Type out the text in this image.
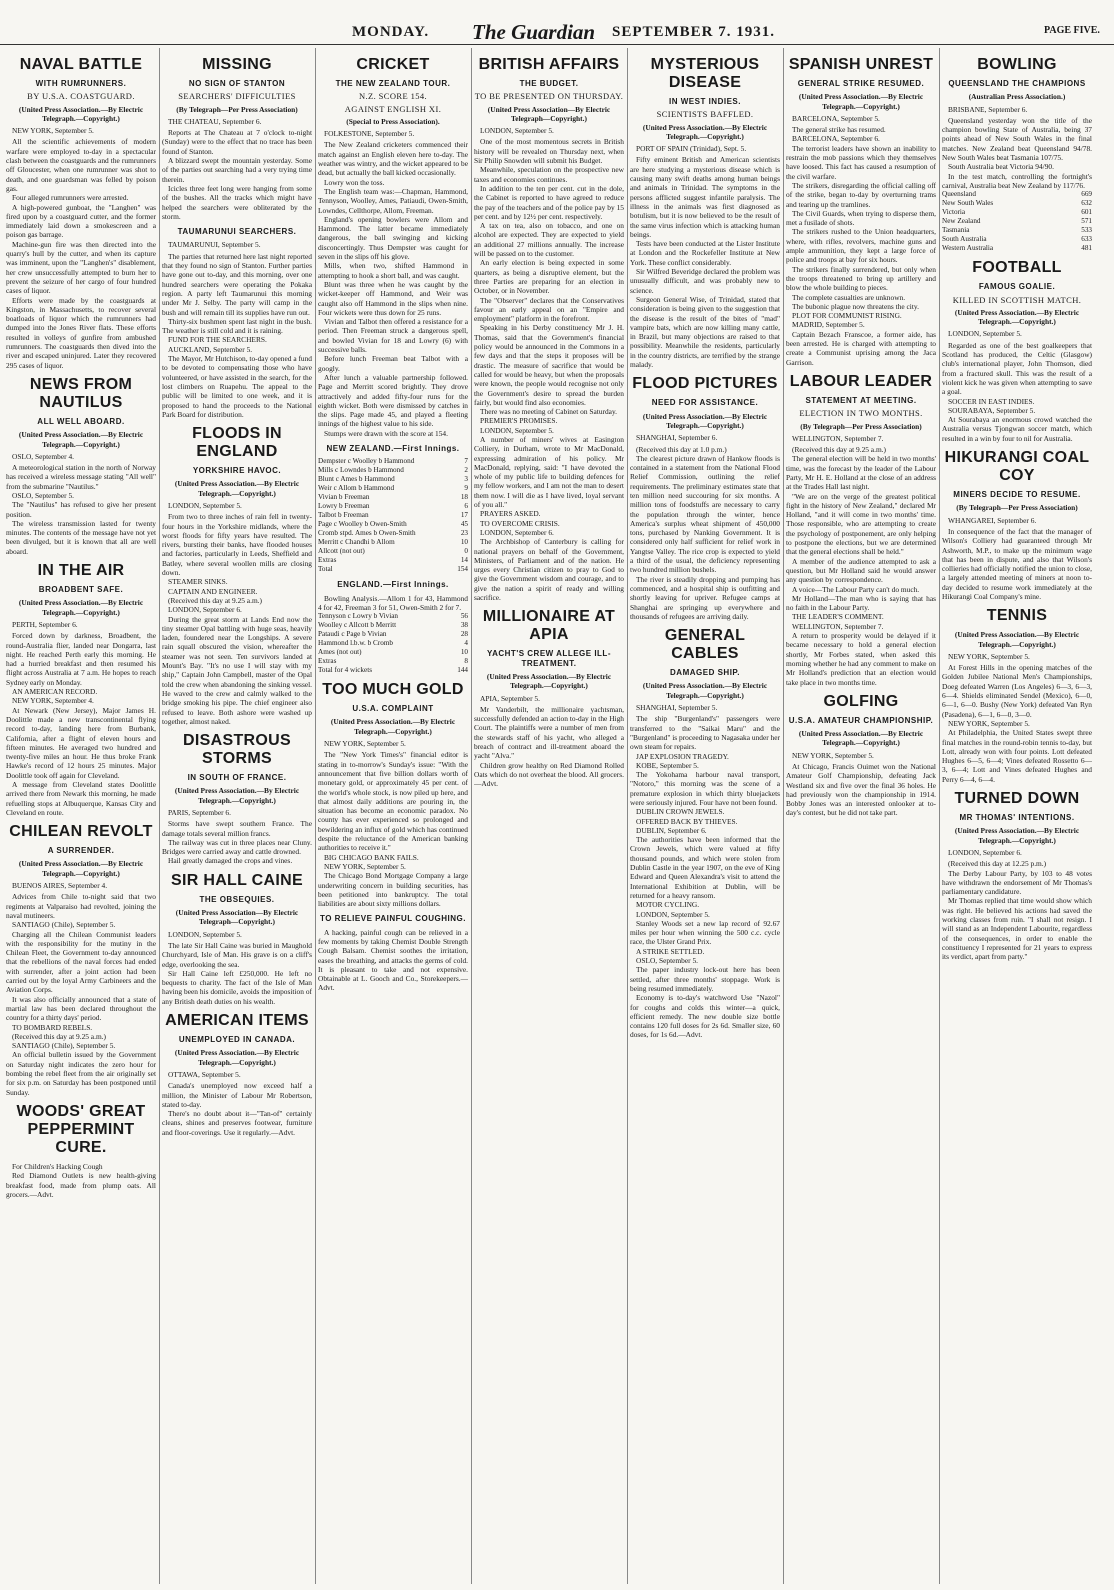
MONDAY. The Guardian SEPTEMBER 7. 1931.	PAGE FIVE.
NAVAL BATTLE
WITH RUMRUNNERS.
BY U.S.A. COASTGUARD.
(United Press Association.—By Electric Telegraph.—Copyright.)
NEW YORK, September 5.

All the scientific achievements of modern warfare were employed to-day in a spectacular clash between the coastguards and the rumrunners off Gloucester, when one rumrunner was shot to death, and one guardsman was felled by poison gas.

Four alleged rumrunners were arrested.

A high-powered gunboat, the "Langhen" was fired upon by a coastguard cutter, and the former immediately laid down a smokescreen and a poison gas barrage.

Machine-gun fire was then directed into the quarry's hull by the cutter, and when its capture was imminent, upon the "Langhen's" disablement, her crew unsuccessfully attempted to burn her to prevent the seizure of her cargo of four hundred cases of liquor.

Efforts were made by the coastguards at Kingston, in Massachusetts, to recover several boatloads of liquor which the rumrunners had dumped into the Jones River flats. These efforts resulted in volleys of gunfire from ambushed rumrunners. The coastguards then dived into the river and escaped uninjured. Later they recovered 295 cases of liquor.

NEWS FROM NAUTILUS
ALL WELL ABOARD.
(United Press Association.—By Electric Telegraph.—Copyright.)
OSLO, September 4.

A meteorological station in the north of Norway has received a wireless message stating "All well" from the submarine "Nautilus."

OSLO, September 5.

The "Nautilus" has refused to give her present position.

The wireless transmission lasted for twenty minutes. The contents of the message have not yet been divulged, but it is known that all are well aboard.

IN THE AIR
BROADBENT SAFE.
(United Press Association.—By Electric Telegraph.—Copyright.)
PERTH, September 6.

Forced down by darkness, Broadbent, the round-Australia flier, landed near Dongarra, last night. He reached Perth early this morning. He had a hurried breakfast and then resumed his flight across Australia at 7 a.m. He hopes to reach Sydney early on Monday.

AN AMERICAN RECORD.

NEW YORK, September 4.

At Newark (New Jersey), Major James H. Doolittle made a new transcontinental flying record to-day, landing here from Burbank, California, after a flight of eleven hours and fifteen minutes. He averaged two hundred and twenty-five miles an hour. He thus broke Frank Hawke's record of 12 hours 25 minutes. Major Doolittle took off again for Cleveland.

A message from Cleveland states Doolittle arrived there from Newark this morning, he made refuelling stops at Albuquerque, Kansas City and Cleveland en route.

CHILEAN REVOLT
A SURRENDER.
(United Press Association.—By Electric Telegraph.—Copyright.)
BUENOS AIRES, September 4.

Advices from Chile to-night said that two regiments at Valparaiso had revolted, joining the naval mutineers.

SANTIAGO (Chile), September 5.

Charging all the Chilean Communist leaders with the responsibility for the mutiny in the Chilean Fleet, the Government to-day announced that the rebellions of the naval forces had ended with surrender, after a joint action had been carried out by the loyal Army Carbineers and the Aviation Corps.

It was also officially announced that a state of martial law has been declared throughout the country for a thirty days' period.

TO BOMBARD REBELS.

(Received this day at 9.25 a.m.)

SANTIAGO (Chile), September 5.

An official bulletin issued by the Government on Saturday night indicates the zero hour for bombing the rebel fleet from the air originally set for six p.m. on Saturday has been postponed until Sunday.

WOODS' GREAT PEPPERMINT CURE.

For Children's Hacking Cough

Red Diamond Outlets is new health-giving breakfast food, made from plump oats. All grocers.—Advt.

MISSING
NO SIGN OF STANTON
SEARCHERS' DIFFICULTIES
(By Telegraph—Per Press Association)
THE CHATEAU, September 6.

Reports at The Chateau at 7 o'clock to-night (Sunday) were to the effect that no trace has been found of Stanton.

A blizzard swept the mountain yesterday. Some of the parties out searching had a very trying time therein.

Icicles three feet long were hanging from some of the bushes. All the tracks which might have helped the searchers were obliterated by the storm.

TAUMARUNUI SEARCHERS.
TAUMARUNUI, September 5.

The parties that returned here last night reported that they found no sign of Stanton. Further parties have gone out to-day, and this morning, over one hundred searchers were operating the Pokaka region. A party left Taumarunui this morning under Mr J. Selby. The party will camp in the bush and will remain till its supplies have run out.

Thirty-six bushmen spent last night in the bush. The weather is still cold and it is raining.

FUND FOR THE SEARCHERS.

AUCKLAND, September 5.

The Mayor, Mr Hutchison, to-day opened a fund to be devoted to compensating those who have volunteered, or have assisted in the search, for the lost climbers on Ruapehu. The appeal to the public will be limited to one week, and it is proposed to hand the proceeds to the National Park Board for distribution.

FLOODS IN ENGLAND
YORKSHIRE HAVOC.
(United Press Association.—By Electric Telegraph.—Copyright.)
LONDON, September 5.

From two to three inches of rain fell in twenty-four hours in the Yorkshire midlands, where the worst floods for fifty years have resulted. The rivers, bursting their banks, have flooded houses and factories, particularly in Leeds, Sheffield and Batley, where several woollen mills are closing down.

STEAMER SINKS.

CAPTAIN AND ENGINEER.

(Received this day at 9.25 a.m.)

LONDON, September 6.

During the great storm at Lands End now the tiny steamer Opal battling with huge seas, heavily laden, foundered near the Longships. A severe rain squall obscured the vision, whereafter the steamer was not seen. Ten survivors landed at Mount's Bay. "It's no use I will stay with my ship," Captain John Campbell, master of the Opal told the crew when abandoning the sinking vessel. He waved to the crew and calmly walked to the bridge smoking his pipe. The chief engineer also refused to leave. Both ashore were washed up together, almost naked.

DISASTROUS STORMS
IN SOUTH OF FRANCE.
(United Press Association.—By Electric Telegraph.—Copyright.)
PARIS, September 6.

Storms have swept southern France. The damage totals several million francs.

The railway was cut in three places near Cluny. Bridges were carried away and cattle drowned.

Hail greatly damaged the crops and vines.

SIR HALL CAINE
THE OBSEQUIES.
(United Press Association—By Electric Telegraph—Copyright.)
LONDON, September 5.

The late Sir Hall Caine was buried in Maughold Churchyard, Isle of Man. His grave is on a cliff's edge, overlooking the sea.

Sir Hall Caine left £250,000. He left no bequests to charity. The fact of the Isle of Man having been his domicile, avoids the imposition of any British death duties on his wealth.

AMERICAN ITEMS
UNEMPLOYED IN CANADA.
(United Press Association.—By Electric Telegraph.—Copyright.)
OTTAWA, September 5.

Canada's unemployed now exceed half a million, the Minister of Labour Mr Robertson, stated to-day.

There's no doubt about it—"Tan-of" certainly cleans, shines and preserves footwear, furniture and floor-coverings. Use it regularly.—Advt.

CRICKET
THE NEW ZEALAND TOUR.
N.Z. SCORE 154.
AGAINST ENGLISH XI.
(Special to Press Association).
FOLKESTONE, September 5.

The New Zealand cricketers commenced their match against an English eleven here to-day. The weather was wintry, and the wicket appeared to be dead, but actually the ball kicked occasionally.

Lowry won the toss.

The English team was:—Chapman, Hammond, Tennyson, Woolley, Ames, Patiaudi, Owen-Smith, Lowndes, Cellthorpe, Allom, Freeman.

England's opening bowlers were Allom and Hammond. The latter became immediately dangerous, the ball swinging and kicking disconcertingly. Thus Dempster was caught for seven in the slips off his glove.

Mills, when two, shifted Hammond in attempting to hook a short ball, and was caught.

Blunt was three when he was caught by the wicket-keeper off Hammond, and Weir was caught also off Hammond in the slips when nine. Four wickets were thus down for 25 runs.

Vivian and Talbot then offered a resistance for a period. Then Freeman struck a dangerous spell, and bowled Vivian for 18 and Lowry (6) with successive balls.

Before lunch Freeman beat Talbot with a googly.

After lunch a valuable partnership followed. Page and Merritt scored brightly. They drove attractively and added fifty-four runs for the eighth wicket. Both were dismissed by catches in the slips. Page made 45, and played a fleeting innings of the highest value to his side.

Stumps were drawn with the score at 154.

NEW ZEALAND.—First Innings.
Dempster c Woolley b Hammond	7
Mills c Lowndes b Hammond	2
Blunt c Ames b Hammond	3
Weir c Allom b Hammond	9
Vivian b Freeman	18
Lowry b Freeman	6
Talbot b Freeman	17
Page c Woolley b Owen-Smith	45
Cromb stpd. Ames b Owen-Smith	23
Merritt c Chandhi b Allom	10
Allcott (not out)	0
Extras	14
Total	154
ENGLAND.—First Innings.

Bowling Analysis.—Allom 1 for 43, Hammond 4 for 42, Freeman 3 for 51, Owen-Smith 2 for 7.

Tennyson c Lowry b Vivian	56
Woolley c Allcott b Merritt	38
Pataudi c Page b Vivian	28
Hammond l.b.w. b Cromb	4
Ames (not out)	10
Extras	8
Total for 4 wickets	144
TOO MUCH GOLD
U.S.A. COMPLAINT
(United Press Association.—By Electric Telegraph.—Copyright.)
NEW YORK, September 5.

The "New York Times's" financial editor is stating in to-morrow's Sunday's issue: "With the announcement that five billion dollars worth of monetary gold, or approximately 45 per cent. of the world's whole stock, is now piled up here, and that almost daily additions are pouring in, the situation has become an economic paradox. No county has ever experienced so prolonged and bewildering an influx of gold which has continued despite the reluctance of the American banking authorities to receive it."

BIG CHICAGO BANK FAILS.

NEW YORK, September 5.

The Chicago Bond Mortgage Company a large underwriting concern in building securities, has been petitioned into bankruptcy. The total liabilities are about sixty millions dollars.

TO RELIEVE PAINFUL COUGHING.

A hacking, painful cough can be relieved in a few moments by taking Chemist Double Strength Cough Balsam. Chemist soothes the irritation, eases the breathing, and attacks the germs of cold. It is pleasant to take and not expensive. Obtainable at L. Gooch and Co., Storekeepers.—Advt.

BRITISH AFFAIRS
THE BUDGET.
TO BE PRESENTED ON THURSDAY.
(United Press Association—By Electric Telegraph—Copyright.)
LONDON, September 5.

One of the most momentous secrets in British history will be revealed on Thursday next, when Sir Philip Snowden will submit his Budget.

Meanwhile, speculation on the prospective new taxes and economies continues.

In addition to the ten per cent. cut in the dole, the Cabinet is reported to have agreed to reduce the pay of the teachers and of the police pay by 15 per cent. and by 12½ per cent. respectively.

A tax on tea, also on tobacco, and one on alcohol are expected. They are expected to yield an additional 27 millions annually. The increase will be passed on to the customer.

An early election is being expected in some quarters, as being a disruptive element, but the three Parties are preparing for an election in October, or in November.

The "Observer" declares that the Conservatives favour an early appeal on an "Empire and employment" platform in the forefront.

Speaking in his Derby constituency Mr J. H. Thomas, said that the Government's financial policy would be announced in the Commons in a few days and that the steps it proposes will be drastic. The measure of sacrifice that would be called for would be heavy, but when the proposals were known, the people would recognise not only the Government's desire to spread the burden fairly, but would find also economies.

There was no meeting of Cabinet on Saturday.

PREMIER'S PROMISES.

LONDON, September 5.

A number of miners' wives at Easington Colliery, in Durham, wrote to Mr MacDonald, expressing admiration of his policy. Mr MacDonald, replying, said: "I have devoted the whole of my public life to building defences for my fellow workers, and I am not the man to desert them now. I will die as I have lived, loyal servant of you all."

PRAYERS ASKED.

TO OVERCOME CRISIS.

LONDON, September 6.

The Archbishop of Canterbury is calling for national prayers on behalf of the Government, Ministers, of Parliament and of the nation. He urges every Christian citizen to pray to God to give the Government wisdom and courage, and to give the nation a spirit of ready and willing sacrifice.

MILLIONAIRE AT APIA
YACHT'S CREW ALLEGE ILL-TREATMENT.
(United Press Association.—By Electric Telegraph.—Copyright.)
APIA, September 5.

Mr Vanderbilt, the millionaire yachtsman, successfully defended an action to-day in the High Court. The plaintiffs were a number of men from the stewards staff of his yacht, who alleged a breach of contract and ill-treatment aboard the yacht "Alva."

Children grow healthy on Red Diamond Rolled Oats which do not overheat the blood. All grocers.—Advt.

MYSTERIOUS DISEASE
IN WEST INDIES.
SCIENTISTS BAFFLED.
(United Press Association.—By Electric Telegraph.—Copyright.)
PORT OF SPAIN (Trinidad), Sept. 5.

Fifty eminent British and American scientists are here studying a mysterious disease which is causing many swift deaths among human beings and animals in Trinidad. The symptoms in the persons afflicted suggest infantile paralysis. The illness in the animals was first diagnosed as botulism, but it is now believed to be the result of the same virus infection which is attacking human beings.

Tests have been conducted at the Lister Institute at London and the Rockefeller Institute at New York. These conflict considerably.

Sir Wilfred Beveridge declared the problem was unusually difficult, and was probably new to science.

Surgeon General Wise, of Trinidad, stated that consideration is being given to the suggestion that the disease is the result of the bites of "mad" vampire bats, which are now killing many cattle, in Brazil, but many objections are raised to that possibility. Meanwhile the residents, particularly in the country districts, are terrified by the strange malady.

FLOOD PICTURES
NEED FOR ASSISTANCE.
(United Press Association.—By Electric Telegraph.—Copyright.)
SHANGHAI, September 6.

(Received this day at 1.0 p.m.)

The clearest picture drawn of Hankow floods is contained in a statement from the National Flood Relief Commission, outlining the relief requirements. The preliminary estimates state that ten million need succouring for six months. A million tons of foodstuffs are necessary to carry the population through the winter, hence America's surplus wheat shipment of 450,000 tons, purchased by Nanking Government. It is considered only half sufficient for relief work in Yangtse Valley. The rice crop is expected to yield a third of the usual, the deficiency representing two hundred million bushels.

The river is steadily dropping and pumping has commenced, and a hospital ship is outfitting and shortly leaving for upriver. Refugee camps at Shanghai are springing up everywhere and thousands of refugees are arriving daily.

GENERAL CABLES
DAMAGED SHIP.
(United Press Association.—By Electric Telegraph.—Copyright.)
SHANGHAI, September 5.

The ship "Burgenland's" passengers were transferred to the "Saikai Maru" and the "Burgenland" is proceeding to Nagasaka under her own steam for repairs.

JAP EXPLOSION TRAGEDY.

KOBE, September 5.

The Yokohama harbour naval transport, "Notoro," this morning was the scene of a premature explosion in which thirty bluejackets were seriously injured. Four have not been found.

DUBLIN CROWN JEWELS.

OFFERED BACK BY THIEVES.

DUBLIN, September 6.

The authorities have been informed that the Crown Jewels, which were valued at fifty thousand pounds, and which were stolen from Dublin Castle in the year 1907, on the eve of King Edward and Queen Alexandra's visit to attend the International Exhibition at Dublin, will be returned for a heavy ransom.

MOTOR CYCLING.

LONDON, September 5.

Stanley Woods set a new lap record of 92.67 miles per hour when winning the 500 c.c. cycle race, the Ulster Grand Prix.

A STRIKE SETTLED.

OSLO, September 5.

The paper industry lock-out here has been settled, after three months' stoppage. Work is being resumed immediately.

Economy is to-day's watchword Use "Nazol" for coughs and colds this winter—a quick, efficient remedy. The new double size bottle contains 120 full doses for 2s 6d. Smaller size, 60 doses, for 1s 6d.—Advt.

SPANISH UNREST
GENERAL STRIKE RESUMED.
(United Press Association.—By Electric Telegraph.—Copyright.)
BARCELONA, September 5.

The general strike has resumed.

BARCELONA, September 6.

The terrorist leaders have shown an inability to restrain the mob passions which they themselves have loosed. This fact has caused a resumption of the civil warfare.

The strikers, disregarding the official calling off of the strike, began to-day by overturning trams and tearing up the tramlines.

The Civil Guards, when trying to disperse them, met a fusilade of shots.

The strikers rushed to the Union headquarters, where, with rifles, revolvers, machine guns and ample ammunition, they kept a large force of police and troops at bay for six hours.

The strikers finally surrendered, but only when the troops threatened to bring up artillery and blow the whole building to pieces.

The complete casualties are unknown.

The bubonic plague now threatens the city.

PLOT FOR COMMUNIST RISING.

MADRID, September 5.

Captain Bezach Franscoe, a former aide, has been arrested. He is charged with attempting to create a Communist uprising among the Jaca Garrison.

LABOUR LEADER
STATEMENT AT MEETING.
ELECTION IN TWO MONTHS.
(By Telegraph—Per Press Association)
WELLINGTON, September 7.

(Received this day at 9.25 a.m.)

The general election will be held in two months' time, was the forecast by the leader of the Labour Party, Mr H. E. Holland at the close of an address at the Trades Hall last night.

"We are on the verge of the greatest political fight in the history of New Zealand," declared Mr Holland, "and it will come in two months' time. Those responsible, who are attempting to create the psychology of postponement, are only helping to postpone the elections, but we are determined that the general elections shall be held."

A member of the audience attempted to ask a question, but Mr Holland said he would answer any question by correspondence.

A voice—The Labour Party can't do much.

Mr Holland—The man who is saying that has no faith in the Labour Party.

THE LEADER'S COMMENT.

WELLINGTON, September 7.

A return to prosperity would be delayed if it became necessary to hold a general election shortly, Mr Forbes stated, when asked this morning whether he had any comment to make on Mr Holland's prediction that an election would take place in two months time.

GOLFING
U.S.A. AMATEUR CHAMPIONSHIP.
(United Press Association.—By Electric Telegraph.—Copyright.)
NEW YORK, September 5.

At Chicago, Francis Ouimet won the National Amateur Golf Championship, defeating Jack Westland six and five over the final 36 holes. He had previously won the championship in 1914. Bobby Jones was an interested onlooker at to-day's contest, but he did not take part.

BOWLING
QUEENSLAND THE CHAMPIONS
(Australian Press Association.)
BRISBANE, September 6.

Queensland yesterday won the title of the champion bowling State of Australia, being 37 points ahead of New South Wales in the final matches. New Zealand beat Queensland 94/78. New South Wales beat Tasmania 107/75.

South Australia beat Victoria 94/90.

In the test match, controlling the fortnight's carnival, Australia beat New Zealand by 117/76.

Queensland	669
New South Wales	632
Victoria	601
New Zealand	571
Tasmania	533
South Australia	633
Western Australia	481
FOOTBALL
FAMOUS GOALIE.
KILLED IN SCOTTISH MATCH.
(United Press Association.—By Electric Telegraph.—Copyright.)
LONDON, September 5.

Regarded as one of the best goalkeepers that Scotland has produced, the Celtic (Glasgow) club's international player, John Thomson, died from a fractured skull. This was the result of a violent kick he was given when attempting to save a goal.

SOCCER IN EAST INDIES.

SOURABAYA, September 5.

At Sourabaya an enormous crowd watched the Australia versus Tjongwan soccer match, which resulted in a win by four to nil for Australia.

HIKURANGI COAL COY
MINERS DECIDE TO RESUME.
(By Telegraph—Per Press Association)
WHANGAREI, September 6.

In consequence of the fact that the manager of Wilson's Colliery had guaranteed through Mr Ashworth, M.P., to make up the minimum wage that has been in dispute, and also that Wilson's collieries had officially notified the union to close, a largely attended meeting of miners at noon to-day decided to resume work immediately at the Hikurangi Coal Company's mine.

TENNIS
(United Press Association.—By Electric Telegraph.—Copyright.)
NEW YORK, September 5.

At Forest Hills in the opening matches of the Golden Jubilee National Men's Championships, Doeg defeated Warren (Los Angeles) 6—3, 6—3, 6—4. Shields eliminated Sendel (Mexico), 6—0, 6—1, 6—0. Bushy (New York) defeated Van Ryn (Pasadena), 6—1, 6—0, 3—0.

NEW YORK, September 5.

At Philadelphia, the United States swept three final matches in the round-robin tennis to-day, but Lott, already won with four points. Lott defeated Hughes 6—5, 6—4; Vines defeated Rossetto 6—3, 6—4; Lott and Vines defeated Hughes and Perry 6—4, 6—4.

TURNED DOWN
MR THOMAS' INTENTIONS.
(United Press Association.—By Electric Telegraph.—Copyright.)
LONDON, September 6.

(Received this day at 12.25 p.m.)

The Derby Labour Party, by 103 to 48 votes have withdrawn the endorsement of Mr Thomas's parliamentary candidature.

Mr Thomas replied that time would show which was right. He believed his actions had saved the working classes from ruin. "I shall not resign. I will stand as an Independent Labourite, regardless of the consequences, in order to enable the constituency I represented for 21 years to express its verdict, apart from party."
